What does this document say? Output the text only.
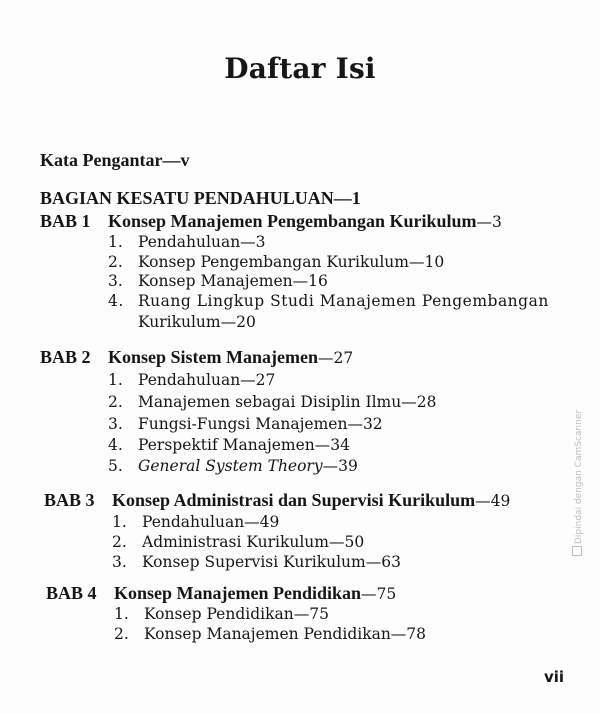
Daftar Isi
Kata Pengantar—v
BAGIAN KESATU PENDAHULUAN—1
BAB 1 Konsep Manajemen Pengembangan Kurikulum—3
1. Pendahuluan—3
2. Konsep Pengembangan Kurikulum—10
3. Konsep Manajemen—16
4. Ruang Lingkup Studi Manajemen Pengembangan
Kurikulum—20
BAB 2 Konsep Sistem Manajemen—27
1. Pendahuluan—27
2. Manajemen sebagai Disiplin Ilmu—28
3. Fungsi-Fungsi Manajemen—32
4. Perspektif Manajemen—34
5. General System Theory—39
BAB 3 Konsep Administrasi dan Supervisi Kurikulum—49
1. Pendahuluan—49
2. Administrasi Kurikulum—50
3. Konsep Supervisi Kurikulum—63
BAB 4 Konsep Manajemen Pendidikan—75
1. Konsep Pendidikan—75
2. Konsep Manajemen Pendidikan—78
vii
Dipindai dengan CamScanner
